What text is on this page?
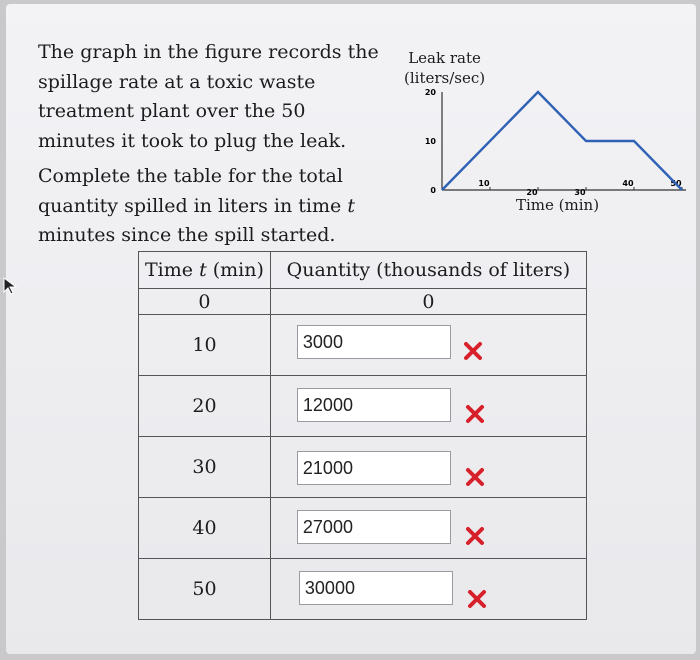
The graph in the figure records the spillage rate at a toxic waste treatment plant over the 50 minutes it took to plug the leak.

Complete the table for the total quantity spilled in liters in time t minutes since the spill started.

Leak rate
(liters/sec)
20
10
0
10
20	30
40	50
Time (min)
Time t (min)	Quantity (thousands of liters)
0	0
10	3000

20	12000

30	21000

40	27000

50	30000
